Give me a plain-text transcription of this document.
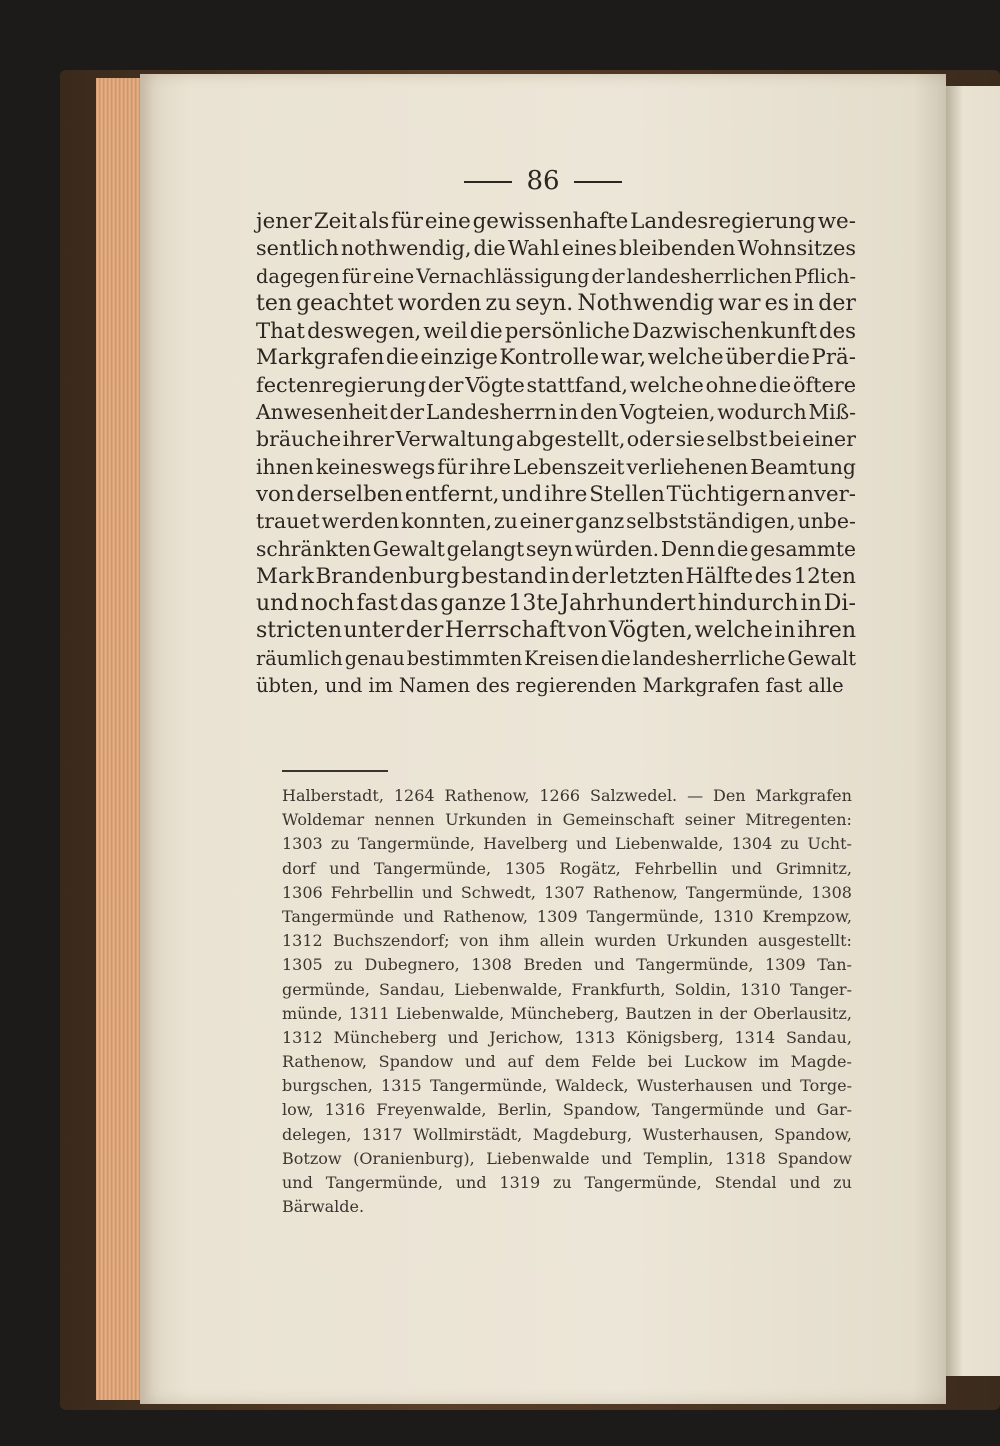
86
jener Zeit als für eine gewissenhafte Landesregierung we-
sentlich nothwendig, die Wahl eines bleibenden Wohnsitzes
dagegen für eine Vernachlässigung der landesherrlichen Pflich-
ten geachtet worden zu seyn. Nothwendig war es in der
That deswegen, weil die persönliche Dazwischenkunft des
Markgrafen die einzige Kontrolle war, welche über die Prä-
fectenregierung der Vögte stattfand, welche ohne die öftere
Anwesenheit der Landesherrn in den Vogteien, wodurch Miß-
bräuche ihrer Verwaltung abgestellt, oder sie selbst bei einer
ihnen keineswegs für ihre Lebenszeit verliehenen Beamtung
von derselben entfernt, und ihre Stellen Tüchtigern anver-
trauet werden konnten, zu einer ganz selbstständigen, unbe-
schränkten Gewalt gelangt seyn würden. Denn die gesammte
Mark Brandenburg bestand in der letzten Hälfte des 12ten
und noch fast das ganze 13te Jahrhundert hindurch in Di-
stricten unter der Herrschaft von Vögten, welche in ihren
räumlich genau bestimmten Kreisen die landesherrliche Gewalt
übten, und im Namen des regierenden Markgrafen fast alle
Halberstadt, 1264 Rathenow, 1266 Salzwedel. — Den Markgrafen
Woldemar nennen Urkunden in Gemeinschaft seiner Mitregenten:
1303 zu Tangermünde, Havelberg und Liebenwalde, 1304 zu Ucht-
dorf und Tangermünde, 1305 Rogätz, Fehrbellin und Grimnitz,
1306 Fehrbellin und Schwedt, 1307 Rathenow, Tangermünde, 1308
Tangermünde und Rathenow, 1309 Tangermünde, 1310 Krempzow,
1312 Buchszendorf; von ihm allein wurden Urkunden ausgestellt:
1305 zu Dubegnero, 1308 Breden und Tangermünde, 1309 Tan-
germünde, Sandau, Liebenwalde, Frankfurth, Soldin, 1310 Tanger-
münde, 1311 Liebenwalde, Müncheberg, Bautzen in der Oberlausitz,
1312 Müncheberg und Jerichow, 1313 Königsberg, 1314 Sandau,
Rathenow, Spandow und auf dem Felde bei Luckow im Magde-
burgschen, 1315 Tangermünde, Waldeck, Wusterhausen und Torge-
low, 1316 Freyenwalde, Berlin, Spandow, Tangermünde und Gar-
delegen, 1317 Wollmirstädt, Magdeburg, Wusterhausen, Spandow,
Botzow (Oranienburg), Liebenwalde und Templin, 1318 Spandow
und Tangermünde, und 1319 zu Tangermünde, Stendal und zu
Bärwalde.
